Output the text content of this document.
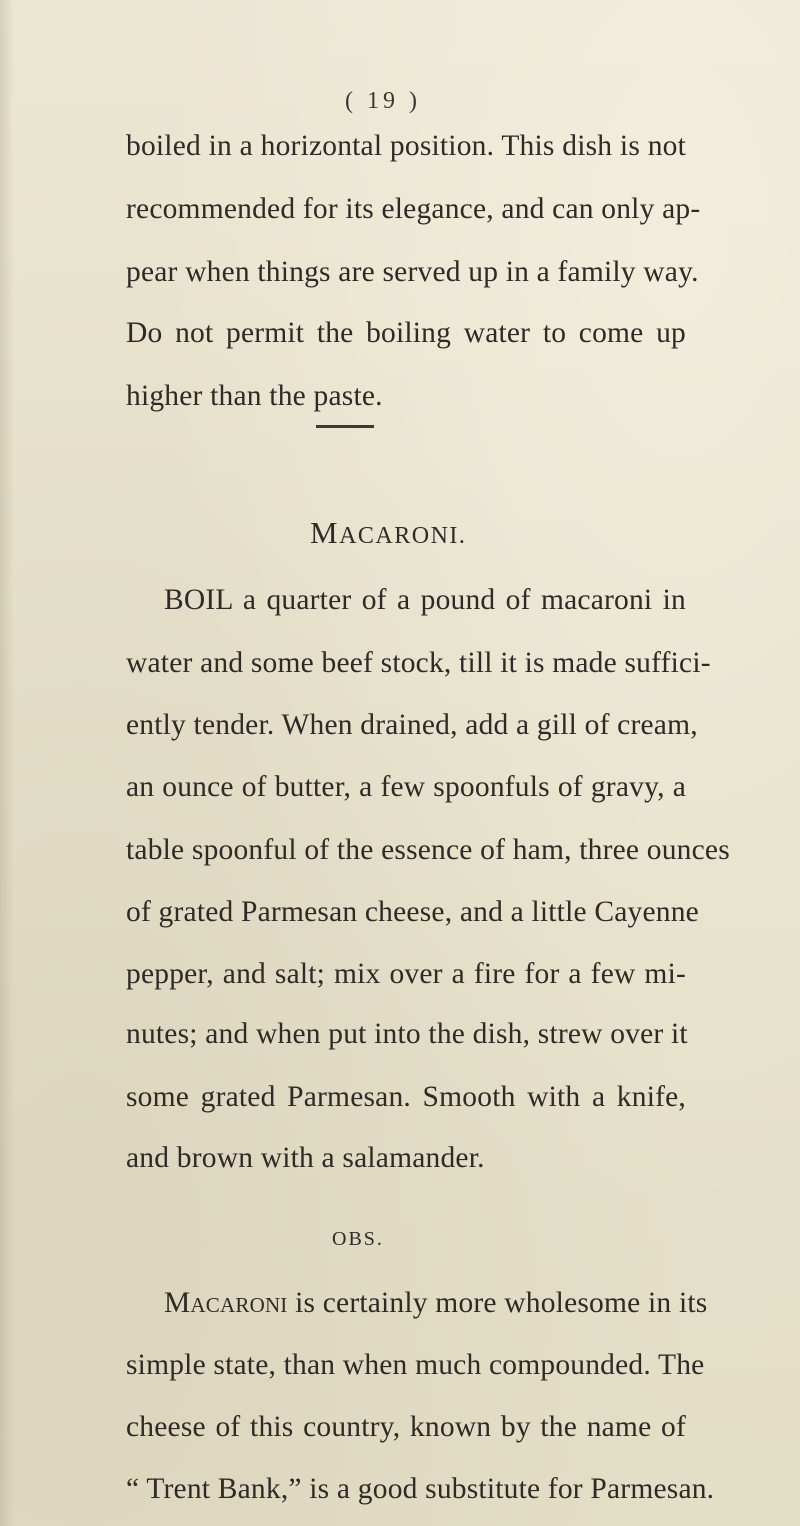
( 19 )
boiled in a horizontal position. This dish is not
recommended for its elegance, and can only ap-
pear when things are served up in a family way.
Do not permit the boiling water to come up
higher than the paste.
MACARONI.
BOIL a quarter of a pound of macaroni in
water and some beef stock, till it is made suffici-
ently tender. When drained, add a gill of cream,
an ounce of butter, a few spoonfuls of gravy, a
table spoonful of the essence of ham, three ounces
of grated Parmesan cheese, and a little Cayenne
pepper, and salt; mix over a fire for a few mi-
nutes; and when put into the dish, strew over it
some grated Parmesan. Smooth with a knife,
and brown with a salamander.
OBS.
Macaroni is certainly more wholesome in its
simple state, than when much compounded. The
cheese of this country, known by the name of
“ Trent Bank,” is a good substitute for Parmesan.
